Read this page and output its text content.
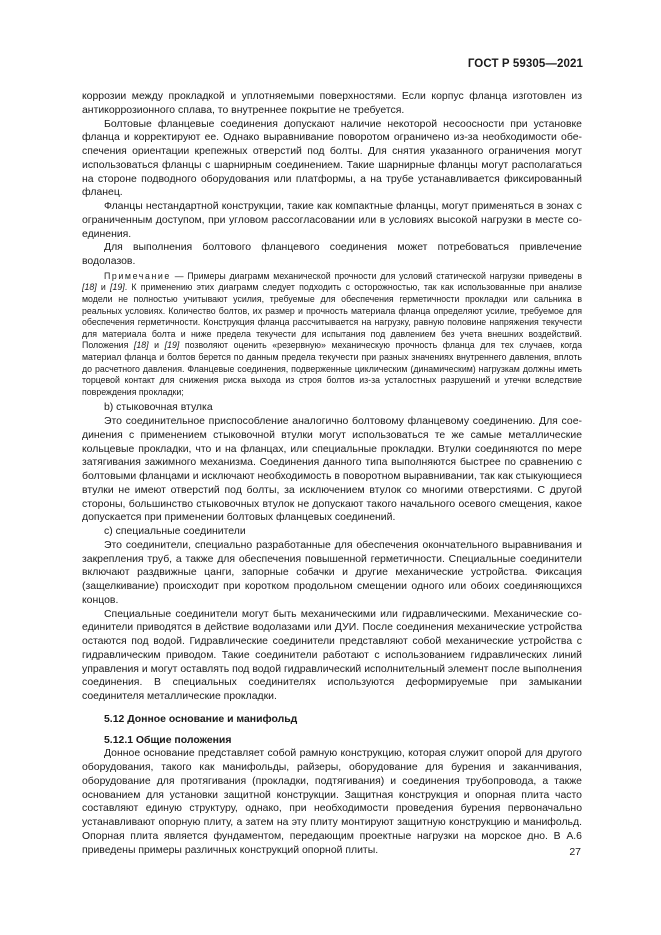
ГОСТ Р 59305—2021

коррозии между прокладкой и уплотняемыми поверхностями. Если корпус фланца изготовлен из антикоррозионного сплава, то внутреннее покрытие не требуется.

Болтовые фланцевые соединения допускают наличие некоторой несоосности при установке фланца и корректируют ее. Однако выравнивание поворотом ограничено из-за необходимости обеспечения ориентации крепежных отверстий под болты. Для снятия указанного ограничения могут использоваться фланцы с шарнирным соединением. Такие шарнирные фланцы могут располагаться на стороне подводного оборудования или платформы, а на трубе устанавливается фиксированный фланец.

Фланцы нестандартной конструкции, такие как компактные фланцы, могут применяться в зонах с ограниченным доступом, при угловом рассогласовании или в условиях высокой нагрузки в месте соединения.

Для выполнения болтового фланцевого соединения может потребоваться привлечение водолазов.

Примечание — Примеры диаграмм механической прочности для условий статической нагрузки приведены в [18] и [19]. К применению этих диаграмм следует подходить с осторожностью, так как использованные при анализе модели не полностью учитывают усилия, требуемые для обеспечения герметичности прокладки или сальника в реальных условиях. Количество болтов, их размер и прочность материала фланца определяют усилие, требуемое для обеспечения герметичности. Конструкция фланца рассчитывается на нагрузку, равную половине напряжения текучести для материала болта и ниже предела текучести для испытания под давлением без учета внешних воздействий. Положения [18] и [19] позволяют оценить «резервную» механическую прочность фланца для тех случаев, когда материал фланца и болтов берется по данным предела текучести при разных значениях внутреннего давления, вплоть до расчетного давления. Фланцевые соединения, подверженные циклическим (динамическим) нагрузкам должны иметь торцевой контакт для снижения риска выхода из строя болтов из-за усталостных разрушений и утечки вследствие повреждения прокладки;

b) стыковочная втулка

Это соединительное приспособление аналогично болтовому фланцевому соединению. Для соединения с применением стыковочной втулки могут использоваться те же самые металлические кольцевые прокладки, что и на фланцах, или специальные прокладки. Втулки соединяются по мере затягивания зажимного механизма. Соединения данного типа выполняются быстрее по сравнению с болтовыми фланцами и исключают необходимость в поворотном выравнивании, так как стыкующиеся втулки не имеют отверстий под болты, за исключением втулок со многими отверстиями. С другой стороны, большинство стыковочных втулок не допускают такого начального осевого смещения, какое допускается при применении болтовых фланцевых соединений.

c) специальные соединители

Это соединители, специально разработанные для обеспечения окончательного выравнивания и закрепления труб, а также для обеспечения повышенной герметичности. Специальные соединители включают раздвижные цанги, запорные собачки и другие механические устройства. Фиксация (защелкивание) происходит при коротком продольном смещении одного или обоих соединяющихся концов.

Специальные соединители могут быть механическими или гидравлическими. Механические соединители приводятся в действие водолазами или ДУИ. После соединения механические устройства остаются под водой. Гидравлические соединители представляют собой механические устройства с гидравлическим приводом. Такие соединители работают с использованием гидравлических линий управления и могут оставлять под водой гидравлический исполнительный элемент после выполнения соединения. В специальных соединителях используются деформируемые при замыкании соединителя металлические прокладки.

5.12 Донное основание и манифольд

5.12.1 Общие положения

Донное основание представляет собой рамную конструкцию, которая служит опорой для другого оборудования, такого как манифольды, райзеры, оборудование для бурения и заканчивания, оборудование для протягивания (прокладки, подтягивания) и соединения трубопровода, а также основанием для установки защитной конструкции. Защитная конструкция и опорная плита часто составляют единую структуру, однако, при необходимости проведения бурения первоначально устанавливают опорную плиту, а затем на эту плиту монтируют защитную конструкцию и манифольд. Опорная плита является фундаментом, передающим проектные нагрузки на морское дно. В А.6 приведены примеры различных конструкций опорной плиты.	27
